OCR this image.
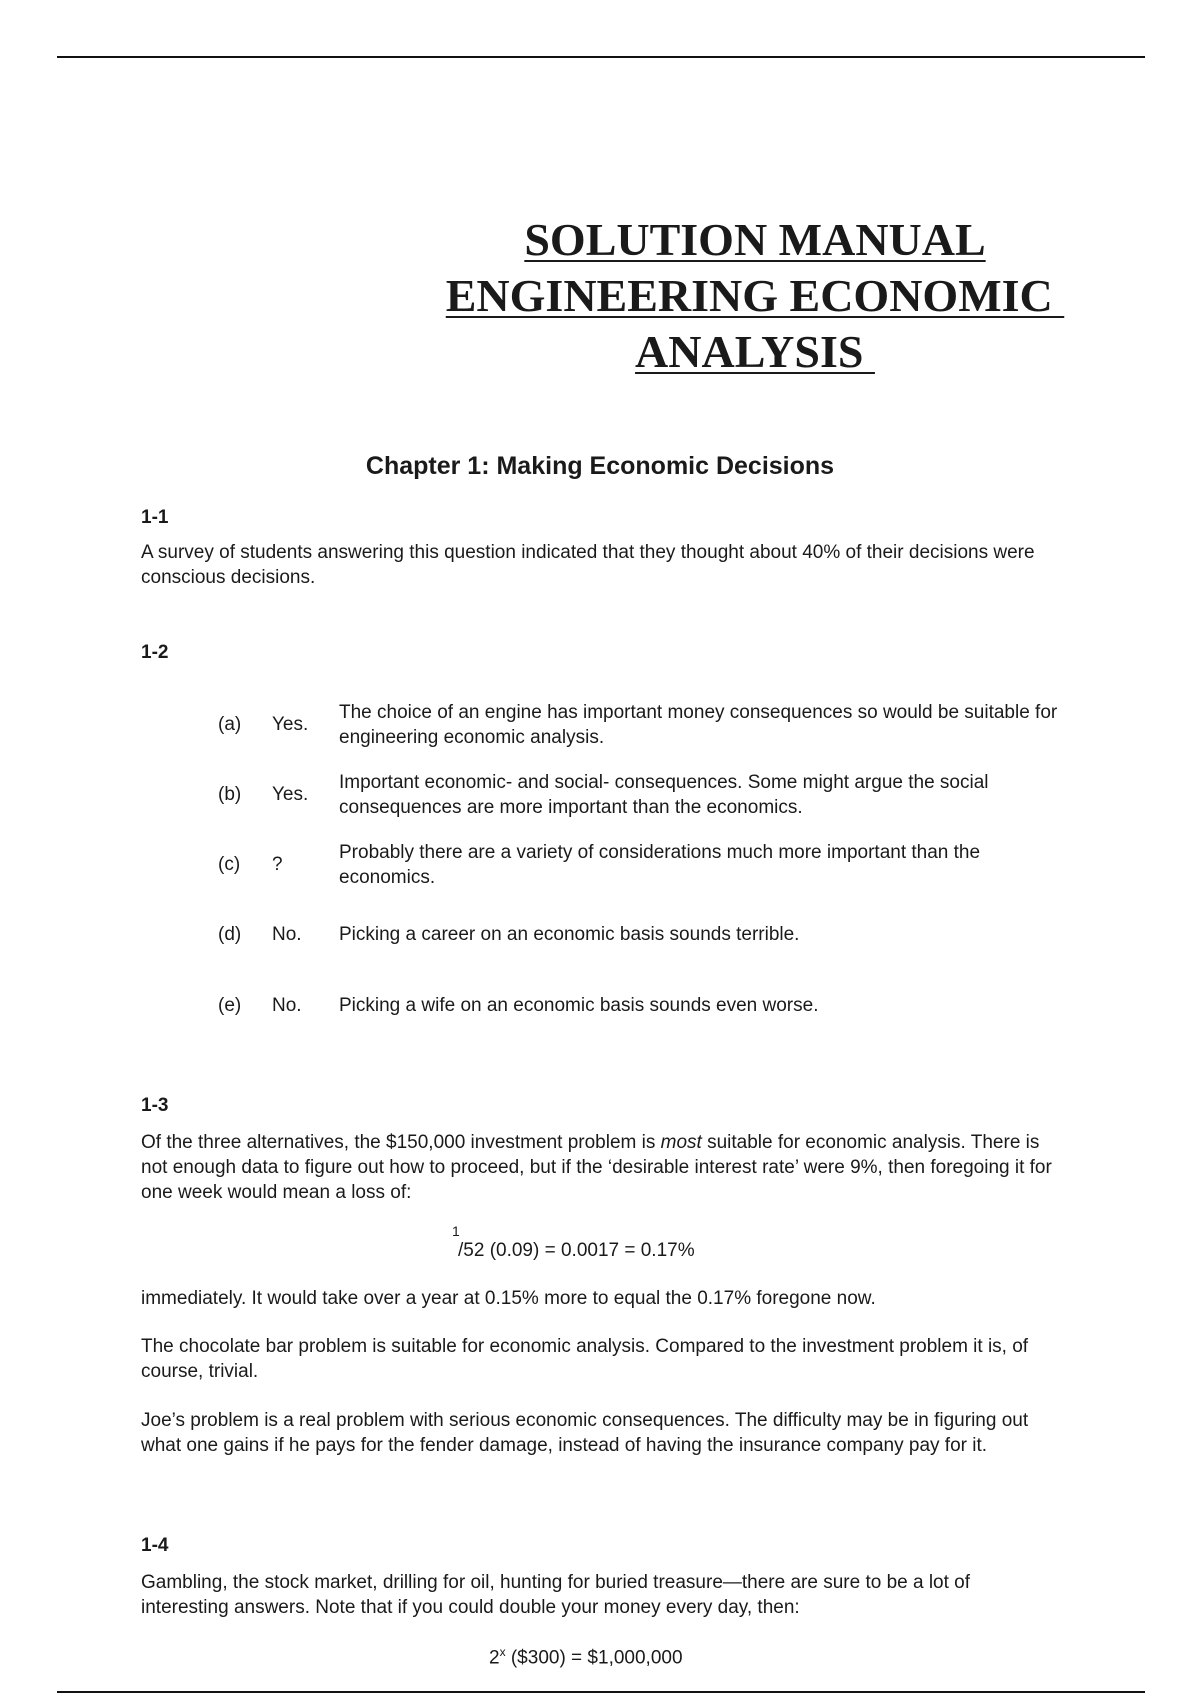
SOLUTION MANUAL
ENGINEERING ECONOMIC
ANALYSIS
Chapter 1: Making Economic Decisions
1-1
A survey of students answering this question indicated that they thought about 40% of their decisions were conscious decisions.
1-2
(a) Yes.
The choice of an engine has important money consequences so would be suitable for engineering economic analysis.
(b) Yes.
Important economic- and social- consequences. Some might argue the social consequences are more important than the economics.
(c) ?
Probably there are a variety of considerations much more important than the economics.
(d) No. Picking a career on an economic basis sounds terrible.
(e) No. Picking a wife on an economic basis sounds even worse.
1-3
Of the three alternatives, the $150,000 investment problem is most suitable for economic analysis. There is not enough data to figure out how to proceed, but if the ‘desirable interest rate’ were 9%, then foregoing it for one week would mean a loss of:
1
/52 (0.09) = 0.0017 = 0.17%
immediately. It would take over a year at 0.15% more to equal the 0.17% foregone now.
The chocolate bar problem is suitable for economic analysis. Compared to the investment problem it is, of course, trivial.
Joe’s problem is a real problem with serious economic consequences. The difficulty may be in figuring out what one gains if he pays for the fender damage, instead of having the insurance company pay for it.
1-4
Gambling, the stock market, drilling for oil, hunting for buried treasure—there are sure to be a lot of interesting answers. Note that if you could double your money every day, then:
2$^x$ ($300) = $1,000,000
